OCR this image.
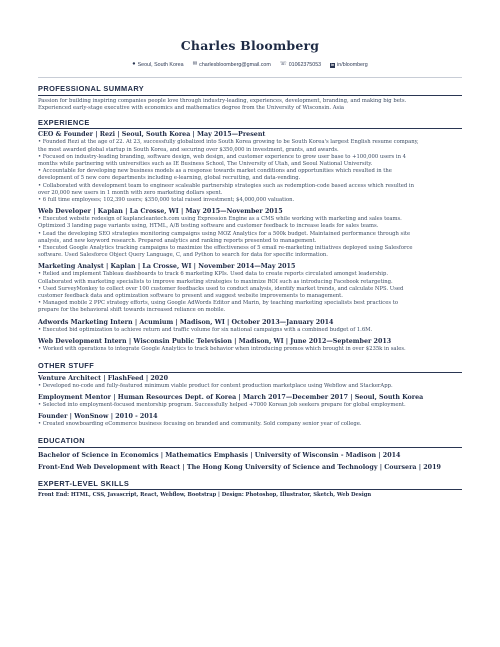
Charles Bloomberg
● Seoul, South Korea ✉ charlesbloomberg@gmail.com ☏ 01062375053	in in/bloomberg
PROFESSIONAL SUMMARY

Passion for building inspiring companies people love through industry-leading, experiences, development, branding, and making big bets.
Experienced early-stage executive with economics and mathematics degree from the University of Wisconsin. Asia

EXPERIENCE

CEO & Founder | Rezi | Seoul, South Korea | May 2015—Present

• Founded Rezi at the age of 22. At 23, successfully globalized into South Korea growing to be South Korea's largest English resume company,
the most awarded global startup in South Korea, and securing over $350,000 in investment, grants, and awards.
• Focused on industry-leading branding, software design, web design, and customer experience to grow user base to +100,000 users in 4
months while partnering with universities such as IE Business School, The University of Utah, and Seoul National University.
• Accountable for developing new business models as a response towards market conditions and opportunities which resulted in the
development of 5 new core departments including e-learning, global recruiting, and data-vending.
• Collaborated with development team to engineer scaleable partnership strategies such as redemption-code based access which resulted in
over 20,000 new users in 1 month with zero marketing dollars spent.
• 6 full time employees; 102,390 users; $350,000 total raised investment; $4,000,000 valuation.

Web Developer | Kaplan | La Crosse, WI | May 2015—November 2015

• Executed website redesign of kaplancleantech.com using Expression Engine as a CMS while working with marketing and sales teams.
Optimized 3 landing page variants using, HTML, A/B testing software and customer feedback to increase leads for sales teams.
• Lead the developing SEO strategies monitoring campaigns using MOZ Analytics for a 500k budget. Maintained performance through site
analysis, and new keyword research. Prepared analytics and ranking reports presented to management.
• Executed Google Analytics tracking campaigns to maximize the effectiveness of 5 email re-marketing initiatives deployed using Salesforce
software. Used Salesforce Object Query Language, C, and Python to search for data for specific information.

Marketing Analyst | Kaplan | La Crosse, WI | November 2014—May 2015

• Relied and implement Tableau dashboards to track 6 marketing KPIs. Used data to create reports circulated amongst leadership.
Collaborated with marketing specialists to improve marketing strategies to maximize ROI such as introducing Facebook retargeting.
• Used SurveyMonkey to collect over 100 customer feedbacks used to conduct analysis, identify market trends, and calculate NPS. Used
customer feedback data and optimization software to present and suggest website improvements to management.
• Managed mobile 2 PPC strategy efforts, using Google AdWords Editor and Marin, by teaching marketing specialists best practices to
prepare for the behavioral shift towards increased reliance on mobile.

Adwords Marketing Intern | Acumium | Madison, WI | October 2013—January 2014

• Executed bid optimization to achieve return and traffic volume for six national campaigns with a combined budget of 1.6M.

Web Development Intern | Wisconsin Public Television | Madison, WI | June 2012—September 2013

• Worked with operations to integrate Google Analytics to track behavior when introducing promos which brought in over $235k in sales.
OTHER STUFF

Venture Architect | FlashFeed | 2020

• Developed no-code and fully-featured minimum viable product for content production marketplace using Webflow and StackerApp.

Employment Mentor | Human Resources Dept. of Korea | March 2017—December 2017 | Seoul, South Korea

• Selected into employment-focused mentorship program. Successfully helped +7000 Korean job seekers prepare for global employment.

Founder | WonSnow | 2010 - 2014

• Created snowboarding eCommerce business focusing on branded and community. Sold company senior year of college.
EDUCATION

Bachelor of Science in Economics | Mathematics Emphasis | University of Wisconsin - Madison | 2014

Front-End Web Development with React | The Hong Kong University of Science and Technology | Coursera | 2019

EXPERT-LEVEL SKILLS

Front End: HTML, CSS, Javascript, React, Webflow, Bootstrap | Design: Photoshop, Illustrator, Sketch, Web Design
